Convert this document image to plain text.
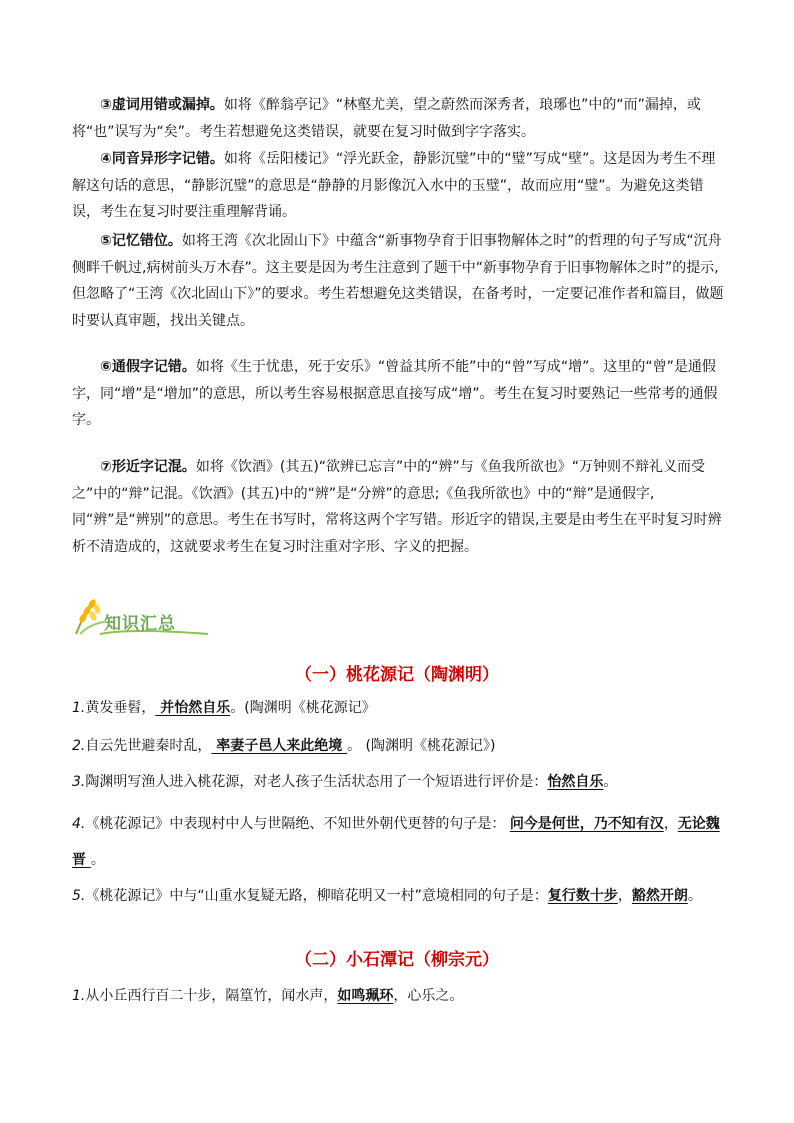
③虚词用错或漏掉。如将《醉翁亭记》“林壑尤美，望之蔚然而深秀者，琅琊也”中的“而”漏掉，或将“也”误写为“矣”。考生若想避免这类错误，就要在复习时做到字字落实。

④同音异形字记错。如将《岳阳楼记》“浮光跃金，静影沉璧”中的“璧”写成“壁”。这是因为考生不理解这句话的意思，“静影沉璧”的意思是“静静的月影像沉入水中的玉璧”，故而应用“璧”。为避免这类错误，考生在复习时要注重理解背诵。

⑤记忆错位。如将王湾《次北固山下》中蕴含“新事物孕育于旧事物解体之时”的哲理的句子写成“沉舟侧畔千帆过,病树前头万木春”。这主要是因为考生注意到了题干中“新事物孕育于旧事物解体之时”的提示,但忽略了“王湾《次北固山下》”的要求。考生若想避免这类错误，在备考时，一定要记准作者和篇目，做题时要认真审题，找出关键点。

⑥通假字记错。如将《生于忧患，死于安乐》“曾益其所不能”中的“曾”写成“增”。这里的“曾”是通假字，同“增”是“增加”的意思，所以考生容易根据意思直接写成“增”。考生在复习时要熟记一些常考的通假字。

⑦形近字记混。如将《饮酒》(其五)“欲辨已忘言”中的“辨”与《鱼我所欲也》“万钟则不辩礼义而受之”中的“辩”记混。《饮酒》(其五)中的“辨”是“分辨”的意思;《鱼我所欲也》中的“辩”是通假字,同“辨”是“辨别”的意思。考生在书写时，常将这两个字写错。形近字的错误,主要是由考生在平时复习时辨析不清造成的，这就要求考生在复习时注重对字形、字义的把握。

知识汇总
（一）桃花源记（陶渊明）

1.黄发垂髫， 并怡然自乐。(陶渊明《桃花源记》

2.自云先世避秦时乱， 率妻子邑人来此绝境 。 (陶渊明《桃花源记》)

3.陶渊明写渔人进入桃花源，对老人孩子生活状态用了一个短语进行评价是：怡然自乐。

4.《桃花源记》中表现村中人与世隔绝、不知世外朝代更替的句子是： 问今是何世，乃不知有汉，无论魏晋 。

5.《桃花源记》中与“山重水复疑无路，柳暗花明又一村”意境相同的句子是：复行数十步，豁然开朗。

（二）小石潭记（柳宗元）

1.从小丘西行百二十步，隔篁竹，闻水声，如鸣珮环，心乐之。
